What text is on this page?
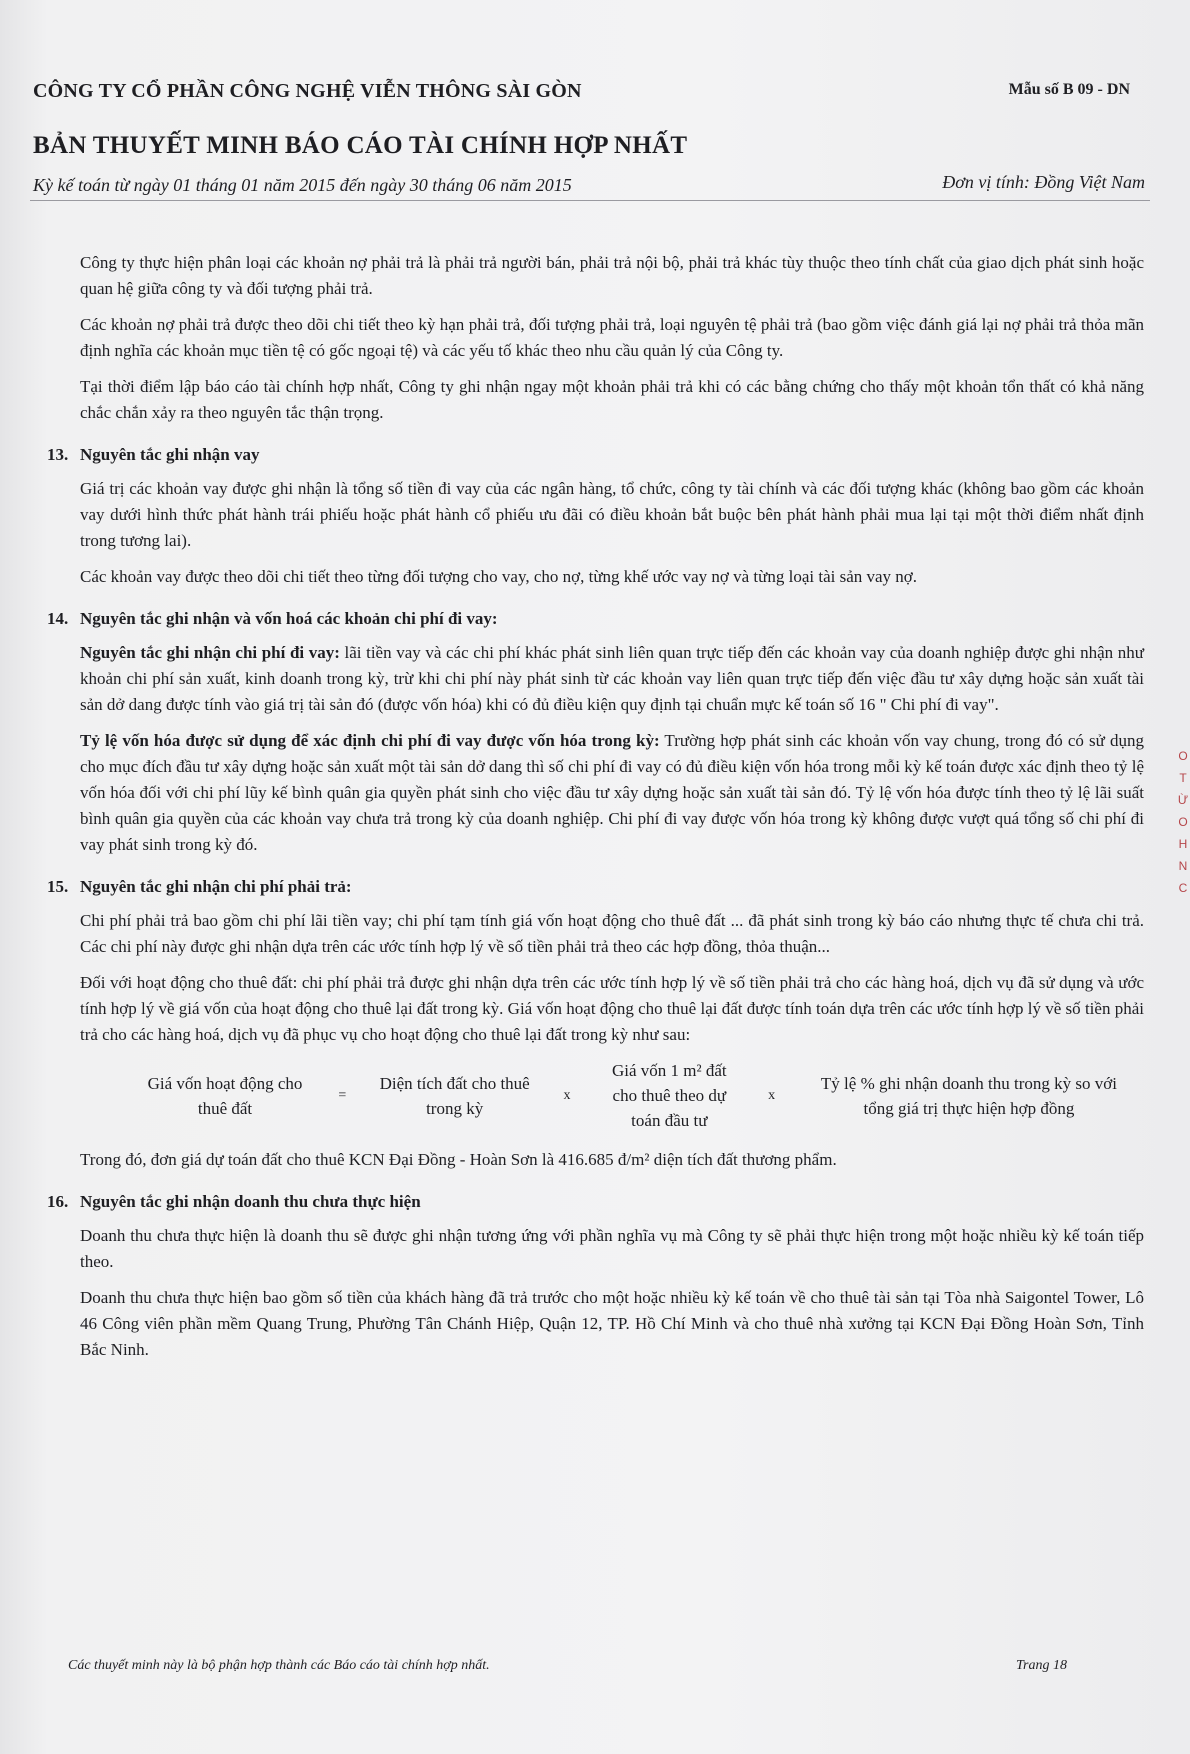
CÔNG TY CỔ PHẦN CÔNG NGHỆ VIỄN THÔNG SÀI GÒN	Mẫu số B 09 - DN
BẢN THUYẾT MINH BÁO CÁO TÀI CHÍNH HỢP NHẤT
Kỳ kế toán từ ngày 01 tháng 01 năm 2015 đến ngày 30 tháng 06 năm 2015	Đơn vị tính: Đồng Việt Nam

Công ty thực hiện phân loại các khoản nợ phải trả là phải trả người bán, phải trả nội bộ, phải trả khác tùy thuộc theo tính chất của giao dịch phát sinh hoặc quan hệ giữa công ty và đối tượng phải trả.

Các khoản nợ phải trả được theo dõi chi tiết theo kỳ hạn phải trả, đối tượng phải trả, loại nguyên tệ phải trả (bao gồm việc đánh giá lại nợ phải trả thỏa mãn định nghĩa các khoản mục tiền tệ có gốc ngoại tệ) và các yếu tố khác theo nhu cầu quản lý của Công ty.

Tại thời điểm lập báo cáo tài chính hợp nhất, Công ty ghi nhận ngay một khoản phải trả khi có các bằng chứng cho thấy một khoản tổn thất có khả năng chắc chắn xảy ra theo nguyên tắc thận trọng.

13. Nguyên tắc ghi nhận vay

Giá trị các khoản vay được ghi nhận là tổng số tiền đi vay của các ngân hàng, tổ chức, công ty tài chính và các đối tượng khác (không bao gồm các khoản vay dưới hình thức phát hành trái phiếu hoặc phát hành cổ phiếu ưu đãi có điều khoản bắt buộc bên phát hành phải mua lại tại một thời điểm nhất định trong tương lai).

Các khoản vay được theo dõi chi tiết theo từng đối tượng cho vay, cho nợ, từng khế ước vay nợ và từng loại tài sản vay nợ.

14. Nguyên tắc ghi nhận và vốn hoá các khoản chi phí đi vay:

Nguyên tắc ghi nhận chi phí đi vay: lãi tiền vay và các chi phí khác phát sinh liên quan trực tiếp đến các khoản vay của doanh nghiệp được ghi nhận như khoản chi phí sản xuất, kinh doanh trong kỳ, trừ khi chi phí này phát sinh từ các khoản vay liên quan trực tiếp đến việc đầu tư xây dựng hoặc sản xuất tài sản dở dang được tính vào giá trị tài sản đó (được vốn hóa) khi có đủ điều kiện quy định tại chuẩn mực kế toán số 16 " Chi phí đi vay".

Tỷ lệ vốn hóa được sử dụng để xác định chi phí đi vay được vốn hóa trong kỳ: Trường hợp phát sinh các khoản vốn vay chung, trong đó có sử dụng cho mục đích đầu tư xây dựng hoặc sản xuất một tài sản dở dang thì số chi phí đi vay có đủ điều kiện vốn hóa trong mỗi kỳ kế toán được xác định theo tỷ lệ vốn hóa đối với chi phí lũy kế bình quân gia quyền phát sinh cho việc đầu tư xây dựng hoặc sản xuất tài sản đó. Tỷ lệ vốn hóa được tính theo tỷ lệ lãi suất bình quân gia quyền của các khoản vay chưa trả trong kỳ của doanh nghiệp. Chi phí đi vay được vốn hóa trong kỳ không được vượt quá tổng số chi phí đi vay phát sinh trong kỳ đó.

15. Nguyên tắc ghi nhận chi phí phải trả:

Chi phí phải trả bao gồm chi phí lãi tiền vay; chi phí tạm tính giá vốn hoạt động cho thuê đất ... đã phát sinh trong kỳ báo cáo nhưng thực tế chưa chi trả. Các chi phí này được ghi nhận dựa trên các ước tính hợp lý về số tiền phải trả theo các hợp đồng, thỏa thuận...

Đối với hoạt động cho thuê đất: chi phí phải trả được ghi nhận dựa trên các ước tính hợp lý về số tiền phải trả cho các hàng hoá, dịch vụ đã sử dụng và ước tính hợp lý về giá vốn của hoạt động cho thuê lại đất trong kỳ. Giá vốn hoạt động cho thuê lại đất được tính toán dựa trên các ước tính hợp lý về số tiền phải trả cho các hàng hoá, dịch vụ đã phục vụ cho hoạt động cho thuê lại đất trong kỳ như sau:

Giá vốn hoạt động cho thuê đất
=
Diện tích đất cho thuê trong kỳ
x
Giá vốn 1 m² đất cho thuê theo dự toán đầu tư
x
Tỷ lệ % ghi nhận doanh thu trong kỳ so với tổng giá trị thực hiện hợp đồng

Trong đó, đơn giá dự toán đất cho thuê KCN Đại Đồng - Hoàn Sơn là 416.685 đ/m² diện tích đất thương phẩm.

16. Nguyên tắc ghi nhận doanh thu chưa thực hiện

Doanh thu chưa thực hiện là doanh thu sẽ được ghi nhận tương ứng với phần nghĩa vụ mà Công ty sẽ phải thực hiện trong một hoặc nhiều kỳ kế toán tiếp theo.

Doanh thu chưa thực hiện bao gồm số tiền của khách hàng đã trả trước cho một hoặc nhiều kỳ kế toán về cho thuê tài sản tại Tòa nhà Saigontel Tower, Lô 46 Công viên phần mềm Quang Trung, Phường Tân Chánh Hiệp, Quận 12, TP. Hồ Chí Minh và cho thuê nhà xưởng tại KCN Đại Đồng Hoàn Sơn, Tỉnh Bắc Ninh.

O
T
Ừ
O
H
N
C
Các thuyết minh này là bộ phận hợp thành các Báo cáo tài chính hợp nhất.	Trang 18
